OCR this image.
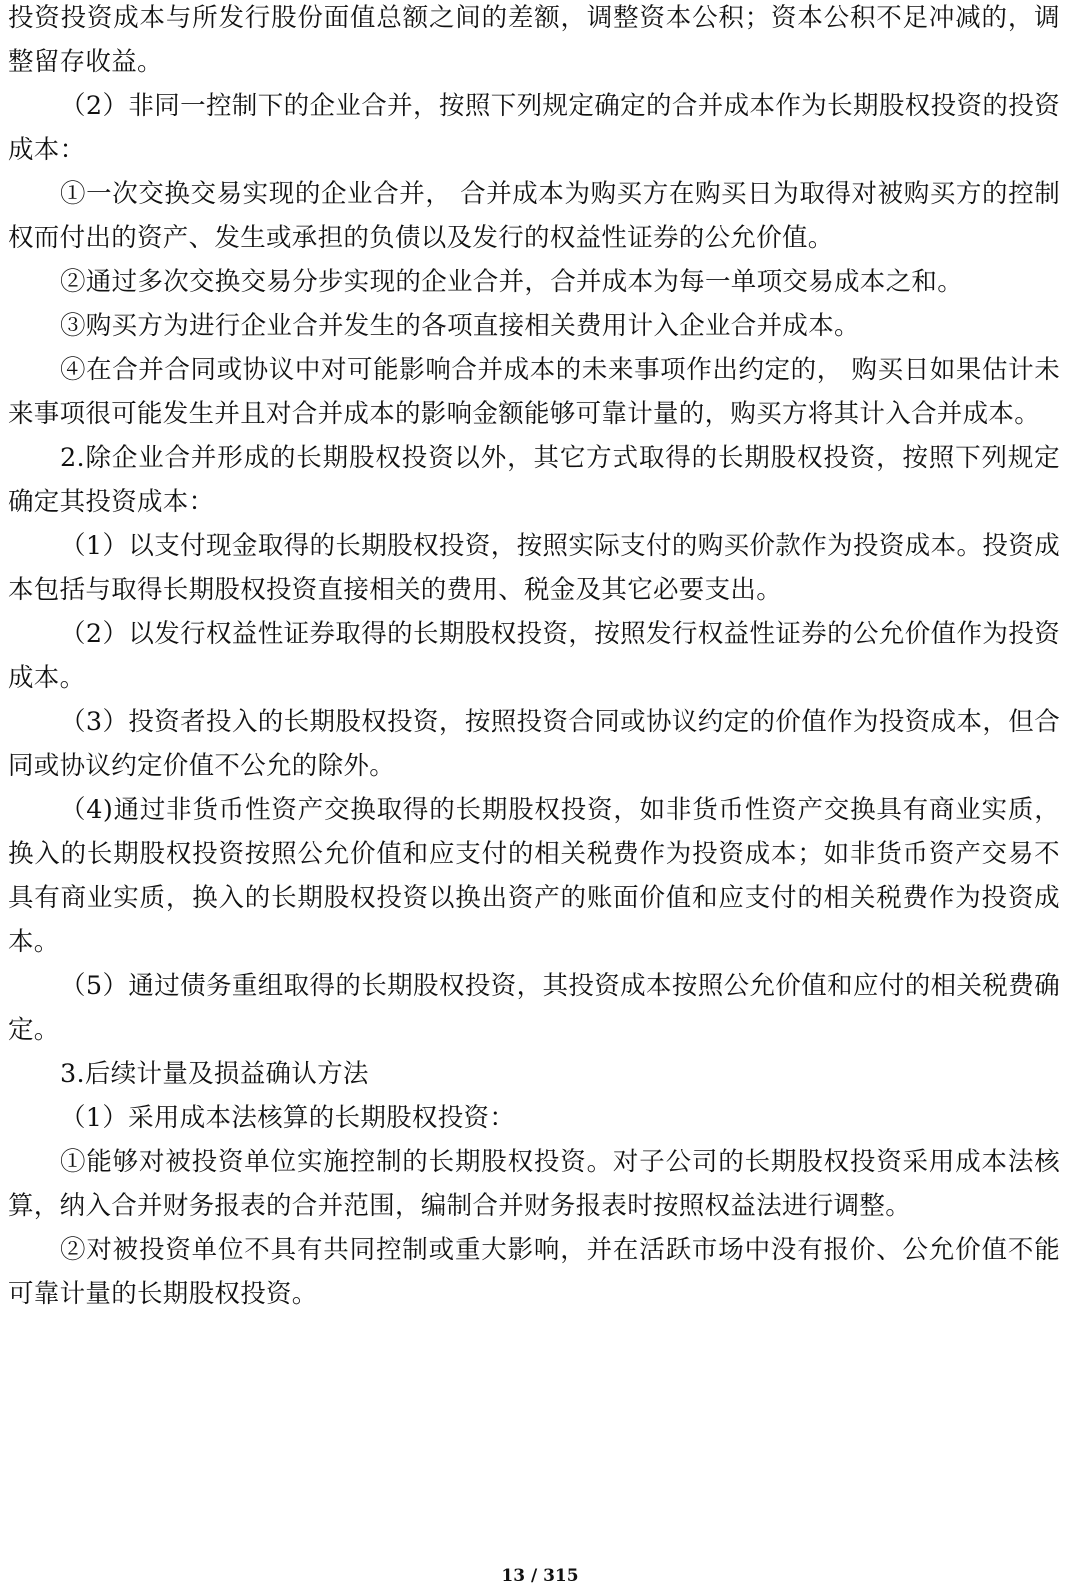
投资投资成本与所发行股份面值总额之间的差额，调整资本公积；资本公积不足冲减的，调整留存收益。

（2）非同一控制下的企业合并，按照下列规定确定的合并成本作为长期股权投资的投资成本：

①一次交换交易实现的企业合并， 合并成本为购买方在购买日为取得对被购买方的控制权而付出的资产、发生或承担的负债以及发行的权益性证券的公允价值。

②通过多次交换交易分步实现的企业合并，合并成本为每一单项交易成本之和。

③购买方为进行企业合并发生的各项直接相关费用计入企业合并成本。

④在合并合同或协议中对可能影响合并成本的未来事项作出约定的， 购买日如果估计未来事项很可能发生并且对合并成本的影响金额能够可靠计量的，购买方将其计入合并成本。

2.除企业合并形成的长期股权投资以外，其它方式取得的长期股权投资，按照下列规定确定其投资成本：

（1）以支付现金取得的长期股权投资，按照实际支付的购买价款作为投资成本。投资成本包括与取得长期股权投资直接相关的费用、税金及其它必要支出。

（2）以发行权益性证券取得的长期股权投资，按照发行权益性证券的公允价值作为投资成本。

（3）投资者投入的长期股权投资，按照投资合同或协议约定的价值作为投资成本，但合同或协议约定价值不公允的除外。

（4)通过非货币性资产交换取得的长期股权投资，如非货币性资产交换具有商业实质，换入的长期股权投资按照公允价值和应支付的相关税费作为投资成本；如非货币资产交易不具有商业实质，换入的长期股权投资以换出资产的账面价值和应支付的相关税费作为投资成本。

（5）通过债务重组取得的长期股权投资，其投资成本按照公允价值和应付的相关税费确定。

3.后续计量及损益确认方法

（1）采用成本法核算的长期股权投资：

①能够对被投资单位实施控制的长期股权投资。对子公司的长期股权投资采用成本法核算，纳入合并财务报表的合并范围，编制合并财务报表时按照权益法进行调整。

②对被投资单位不具有共同控制或重大影响，并在活跃市场中没有报价、公允价值不能可靠计量的长期股权投资。

13 / 315
